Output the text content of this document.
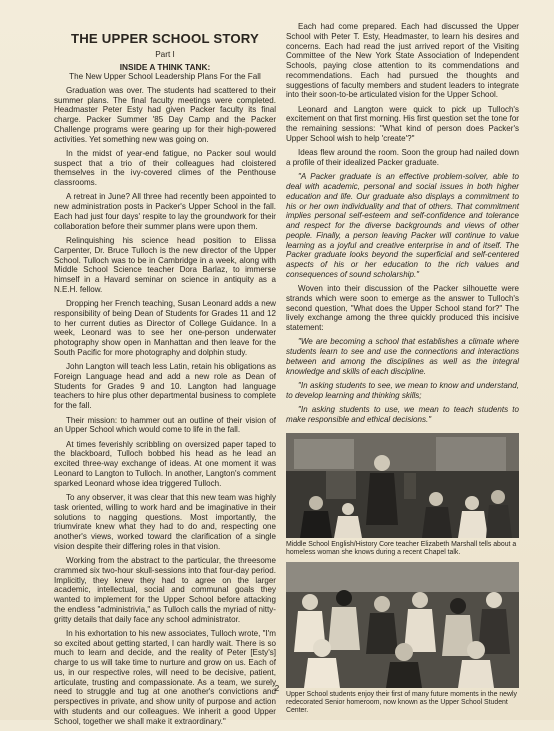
THE UPPER SCHOOL STORY
Part I
INSIDE A THINK TANK:
The New Upper School Leadership Plans For the Fall

Graduation was over. The students had scattered to their summer plans. The final faculty meetings were completed. Headmaster Peter Esty had given Packer faculty its final charge. Packer Summer '85 Day Camp and the Packer Challenge programs were gearing up for their high-powered activities. Yet something new was going on.

In the midst of year-end fatigue, no Packer soul would suspect that a trio of their colleagues had cloistered themselves in the ivy-covered climes of the Penthouse classrooms.

A retreat in June? All three had recently been appointed to new administration posts in Packer's Upper School in the fall. Each had just four days' respite to lay the groundwork for their collaboration before their summer plans were upon them.

Relinquishing his science head position to Elissa Carpenter, Dr. Bruce Tulloch is the new director of the Upper School. Tulloch was to be in Cambridge in a week, along with Middle School Science teacher Dora Barlaz, to immerse himself in a Havard seminar on science in antiquity as a N.E.H. fellow.

Dropping her French teaching, Susan Leonard adds a new responsibility of being Dean of Students for Grades 11 and 12 to her current duties as Director of College Guidance. In a week, Leonard was to see her one-person underwater photography show open in Manhattan and then leave for the South Pacific for more photography and dolphin study.

John Langton will teach less Latin, retain his obligations as Foreign Language head and add a new role as Dean of Students for Grades 9 and 10. Langton had language teachers to hire plus other departmental business to complete for the fall.

Their mission: to hammer out an outline of their vision of an Upper School which would come to life in the fall.

At times feverishly scribbling on oversized paper taped to the blackboard, Tulloch bobbed his head as he lead an excited three-way exchange of ideas. At one moment it was Leonard to Langton to Tulloch. In another, Langton's comment sparked Leonard whose idea triggered Tulloch.

To any observer, it was clear that this new team was highly task oriented, willing to work hard and be imaginative in their solutions to nagging questions. Most importantly, the triumvirate knew what they had to do and, respecting one another's views, worked toward the clarification of a single vision despite their differing roles in that vision.

Working from the abstract to the particular, the threesome crammed six two-hour skull-sessions into that four-day period. Implicitly, they knew they had to agree on the larger academic, intellectual, social and communal goals they wanted to implement for the Upper School before attacking the endless "administrivia," as Tulloch calls the myriad of nitty-gritty details that daily face any school administrator.

In his exhortation to his new associates, Tulloch wrote, "I'm so excited about getting started, I can hardly wait. There is so much to learn and decide, and the reality of Peter [Esty's] charge to us will take time to nurture and grow on us. Each of us, in our respective roles, will need to be decisive, patient, articulate, trusting and compassionate. As a team, we surely need to struggle and tug at one another's convictions and perspectives in private, and show unity of purpose and action with students and our colleagues. We inherit a good Upper School, together we shall make it extraordinary."

Each had come prepared. Each had discussed the Upper School with Peter T. Esty, Headmaster, to learn his desires and concerns. Each had read the just arrived report of the Visiting Committee of the New York State Association of Independent Schools, paying close attention to its commendations and recommendations. Each had pursued the thoughts and suggestions of faculty members and student leaders to integrate into their soon-to-be articulated vision for the Upper School.

Leonard and Langton were quick to pick up Tulloch's excitement on that first morning. His first question set the tone for the remaining sessions: "What kind of person does Packer's Upper School wish to help 'create'?"

Ideas flew around the room. Soon the group had nailed down a profile of their idealized Packer graduate.

"A Packer graduate is an effective problem-solver, able to deal with academic, personal and social issues in both higher education and life. Our graduate also displays a commitment to his or her own individuality and that of others. That commitment implies personal self-esteem and self-confidence and tolerance and respect for the diverse backgrounds and views of other people. Finally, a person leaving Packer will continue to value learning as a joyful and creative enterprise in and of itself. The Packer graduate looks beyond the superficial and self-centered aspects of his or her education to the rich values and consequences of sound scholarship."

Woven into their discussion of the Packer silhouette were strands which were soon to emerge as the answer to Tulloch's second question, "What does the Upper School stand for?" The lively exchange among the three quickly produced this incisive statement:

"We are becoming a school that establishes a climate where students learn to see and use the connections and interactions between and among the disciplines as well as the integral knowledge and skills of each discipline.

"In asking students to see, we mean to know and understand, to develop learning and thinking skills;

"In asking students to use, we mean to teach students to make responsible and ethical decisions."

Middle School English/History Core teacher Elizabeth Marshall tells about a homeless woman she knows during a recent Chapel talk.
Upper School students enjoy their first of many future moments in the newly redecorated Senior homeroom, now known as the Upper School Student Center.
2
